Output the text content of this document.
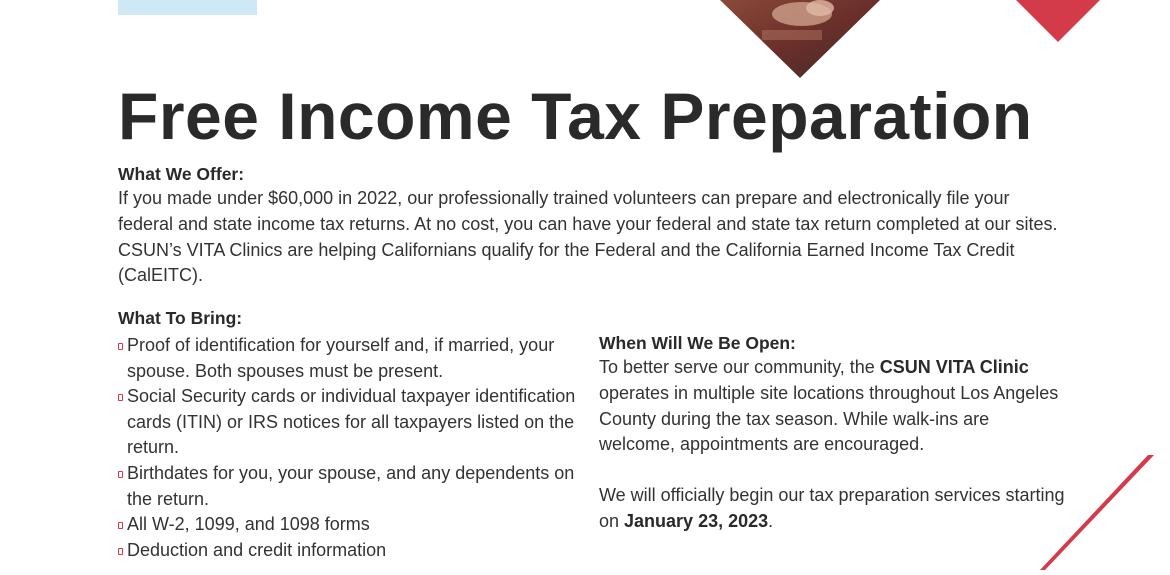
Free Income Tax Preparation
What We Offer:
If you made under $60,000 in 2022, our professionally trained volunteers can prepare and electronically file your federal and state income tax returns. At no cost, you can have your federal and state tax return completed at our sites. CSUN’s VITA Clinics are helping Californians qualify for the Federal and the California Earned Income Tax Credit (CalEITC).
What To Bring:
Proof of identification for yourself and, if married, your spouse. Both spouses must be present.
Social Security cards or individual taxpayer identification cards (ITIN) or IRS notices for all taxpayers listed on the return.
Birthdates for you, your spouse, and any dependents on the return.
All W-2, 1099, and 1098 forms
Deduction and credit information
When Will We Be Open:
To better serve our community, the CSUN VITA Clinic operates in multiple site locations throughout Los Angeles County during the tax season. While walk-ins are welcome, appointments are encouraged.
We will officially begin our tax preparation services starting on January 23, 2023.
